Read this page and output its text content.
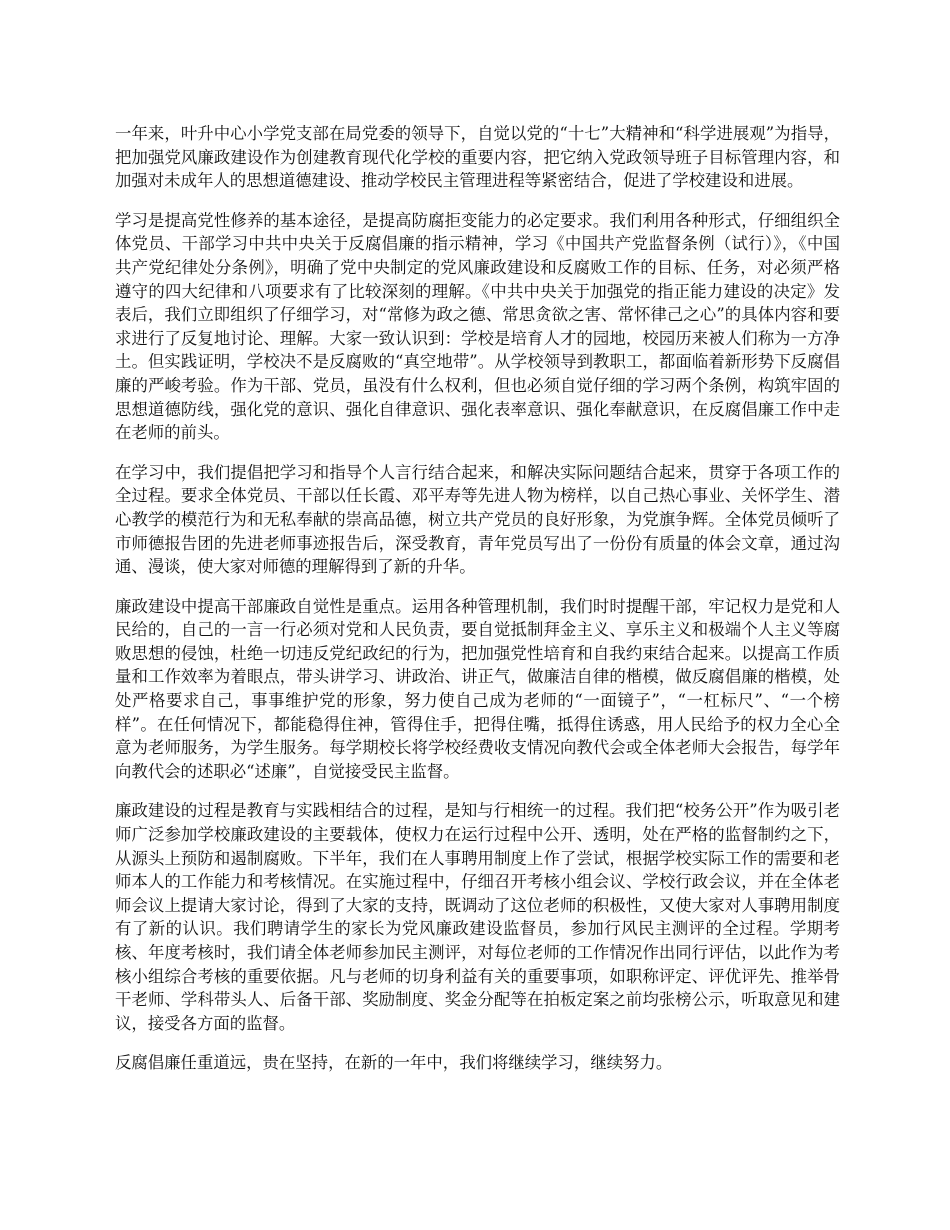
一年来，叶升中心小学党支部在局党委的领导下，自觉以党的“十七”大精神和“科学进展观”为指导，把加强党风廉政建设作为创建教育现代化学校的重要内容，把它纳入党政领导班子目标管理内容，和加强对未成年人的思想道德建设、推动学校民主管理进程等紧密结合，促进了学校建设和进展。

学习是提高党性修养的基本途径，是提高防腐拒变能力的必定要求。我们利用各种形式，仔细组织全体党员、干部学习中共中央关于反腐倡廉的指示精神，学习《中国共产党监督条例（试行）》，《中国共产党纪律处分条例》，明确了党中央制定的党风廉政建设和反腐败工作的目标、任务，对必须严格遵守的四大纪律和八项要求有了比较深刻的理解。《中共中央关于加强党的指正能力建设的决定》发表后，我们立即组织了仔细学习，对“常修为政之德、常思贪欲之害、常怀律己之心”的具体内容和要求进行了反复地讨论、理解。大家一致认识到：学校是培育人才的园地，校园历来被人们称为一方净土。但实践证明，学校决不是反腐败的“真空地带”。从学校领导到教职工，都面临着新形势下反腐倡廉的严峻考验。作为干部、党员，虽没有什么权利，但也必须自觉仔细的学习两个条例，构筑牢固的思想道德防线，强化党的意识、强化自律意识、强化表率意识、强化奉献意识，在反腐倡廉工作中走在老师的前头。

在学习中，我们提倡把学习和指导个人言行结合起来，和解决实际问题结合起来，贯穿于各项工作的全过程。要求全体党员、干部以任长霞、邓平寿等先进人物为榜样，以自己热心事业、关怀学生、潜心教学的模范行为和无私奉献的崇高品德，树立共产党员的良好形象，为党旗争辉。全体党员倾听了市师德报告团的先进老师事迹报告后，深受教育，青年党员写出了一份份有质量的体会文章，通过沟通、漫谈，使大家对师德的理解得到了新的升华。

廉政建设中提高干部廉政自觉性是重点。运用各种管理机制，我们时时提醒干部，牢记权力是党和人民给的，自己的一言一行必须对党和人民负责，要自觉抵制拜金主义、享乐主义和极端个人主义等腐败思想的侵蚀，杜绝一切违反党纪政纪的行为，把加强党性培育和自我约束结合起来。以提高工作质量和工作效率为着眼点，带头讲学习、讲政治、讲正气，做廉洁自律的楷模，做反腐倡廉的楷模，处处严格要求自己，事事维护党的形象，努力使自己成为老师的“一面镜子”，“一杠标尺”、“一个榜样”。在任何情况下，都能稳得住神，管得住手，把得住嘴，抵得住诱惑，用人民给予的权力全心全意为老师服务，为学生服务。每学期校长将学校经费收支情况向教代会或全体老师大会报告，每学年向教代会的述职必“述廉”，自觉接受民主监督。

廉政建设的过程是教育与实践相结合的过程，是知与行相统一的过程。我们把“校务公开”作为吸引老师广泛参加学校廉政建设的主要载体，使权力在运行过程中公开、透明，处在严格的监督制约之下，从源头上预防和遏制腐败。下半年，我们在人事聘用制度上作了尝试，根据学校实际工作的需要和老师本人的工作能力和考核情况。在实施过程中，仔细召开考核小组会议、学校行政会议，并在全体老师会议上提请大家讨论，得到了大家的支持，既调动了这位老师的积极性，又使大家对人事聘用制度有了新的认识。我们聘请学生的家长为党风廉政建设监督员，参加行风民主测评的全过程。学期考核、年度考核时，我们请全体老师参加民主测评，对每位老师的工作情况作出同行评估，以此作为考核小组综合考核的重要依据。凡与老师的切身利益有关的重要事项，如职称评定、评优评先、推举骨干老师、学科带头人、后备干部、奖励制度、奖金分配等在拍板定案之前均张榜公示，听取意见和建议，接受各方面的监督。

反腐倡廉任重道远，贵在坚持，在新的一年中，我们将继续学习，继续努力。
